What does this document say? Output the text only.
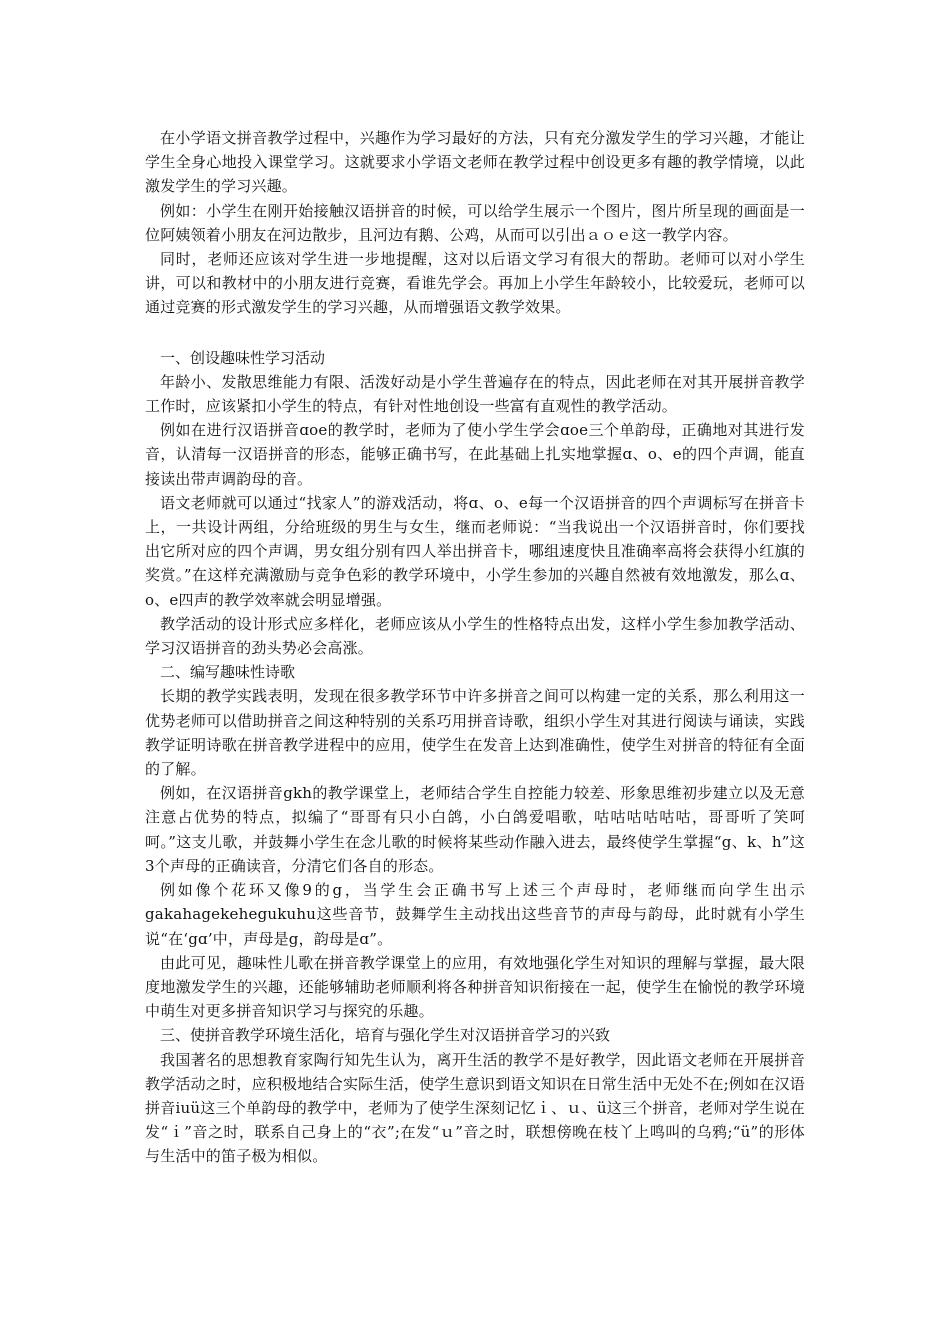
在小学语文拼音教学过程中，兴趣作为学习最好的方法，只有充分激发学生的学习兴趣，才能让学生全身心地投入课堂学习。这就要求小学语文老师在教学过程中创设更多有趣的教学情境，以此激发学生的学习兴趣。

例如：小学生在刚开始接触汉语拼音的时候，可以给学生展示一个图片，图片所呈现的画面是一位阿姨领着小朋友在河边散步，且河边有鹅、公鸡，从而可以引出ａｏｅ这一教学内容。

同时，老师还应该对学生进一步地提醒，这对以后语文学习有很大的帮助。老师可以对小学生讲，可以和教材中的小朋友进行竞赛，看谁先学会。再加上小学生年龄较小，比较爱玩，老师可以通过竞赛的形式激发学生的学习兴趣，从而增强语文教学效果。

一、创设趣味性学习活动

年龄小、发散思维能力有限、活泼好动是小学生普遍存在的特点，因此老师在对其开展拼音教学工作时，应该紧扣小学生的特点，有针对性地创设一些富有直观性的教学活动。

例如在进行汉语拼音ɑoe的教学时，老师为了使小学生学会ɑoe三个单韵母，正确地对其进行发音，认清每一汉语拼音的形态，能够正确书写，在此基础上扎实地掌握ɑ、o、e的四个声调，能直接读出带声调韵母的音。

语文老师就可以通过“找家人”的游戏活动，将ɑ、o、e每一个汉语拼音的四个声调标写在拼音卡上，一共设计两组，分给班级的男生与女生，继而老师说：“当我说出一个汉语拼音时，你们要找出它所对应的四个声调，男女组分别有四人举出拼音卡，哪组速度快且准确率高将会获得小红旗的奖赏。”在这样充满激励与竞争色彩的教学环境中，小学生参加的兴趣自然被有效地激发，那么ɑ、o、e四声的教学效率就会明显增强。

教学活动的设计形式应多样化，老师应该从小学生的性格特点出发，这样小学生参加教学活动、学习汉语拼音的劲头势必会高涨。

二、编写趣味性诗歌

长期的教学实践表明，发现在很多教学环节中许多拼音之间可以构建一定的关系，那么利用这一优势老师可以借助拼音之间这种特别的关系巧用拼音诗歌，组织小学生对其进行阅读与诵读，实践教学证明诗歌在拼音教学进程中的应用，使学生在发音上达到准确性，使学生对拼音的特征有全面的了解。

例如，在汉语拼音gkh的教学课堂上，老师结合学生自控能力较差、形象思维初步建立以及无意注意占优势的特点，拟编了“哥哥有只小白鸽，小白鸽爱唱歌，咕咕咕咕咕咕，哥哥听了笑呵呵。”这支儿歌，并鼓舞小学生在念儿歌的时候将某些动作融入进去，最终使学生掌握“g、k、h”这3个声母的正确读音，分清它们各自的形态。

例如像个花环又像9的g，当学生会正确书写上述三个声母时，老师继而向学生出示gakahagekehegukuhu这些音节，鼓舞学生主动找出这些音节的声母与韵母，此时就有小学生说“在‘gɑ’中，声母是g，韵母是ɑ”。

由此可见，趣味性儿歌在拼音教学课堂上的应用，有效地强化学生对知识的理解与掌握，最大限度地激发学生的兴趣，还能够辅助老师顺利将各种拼音知识衔接在一起，使学生在愉悦的教学环境中萌生对更多拼音知识学习与探究的乐趣。

三、使拼音教学环境生活化，培育与强化学生对汉语拼音学习的兴致

我国著名的思想教育家陶行知先生认为，离开生活的教学不是好教学，因此语文老师在开展拼音教学活动之时，应积极地结合实际生活，使学生意识到语文知识在日常生活中无处不在;例如在汉语拼音iuü这三个单韵母的教学中，老师为了使学生深刻记忆ｉ、ｕ、ü这三个拼音，老师对学生说在发“ｉ”音之时，联系自己身上的“衣”;在发“ｕ”音之时，联想傍晚在枝丫上鸣叫的乌鸦;“ü”的形体与生活中的笛子极为相似。
